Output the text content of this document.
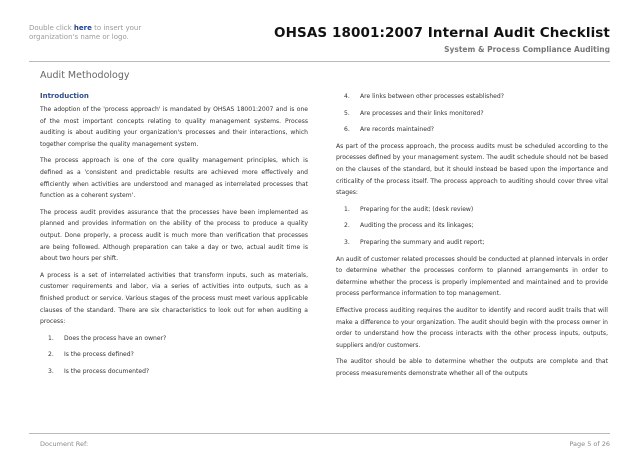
Double click here to insert your organization's name or logo.	OHSAS 18001:2007 Internal Audit Checklist
System & Process Compliance Auditing
Audit Methodology
Introduction

The adoption of the 'process approach' is mandated by OHSAS 18001:2007 and is one of the most important concepts relating to quality management systems. Process auditing is about auditing your organization's processes and their interactions, which together comprise the quality management system.

The process approach is one of the core quality management principles, which is defined as a 'consistent and predictable results are achieved more effectively and efficiently when activities are understood and managed as interrelated processes that function as a coherent system'.

The process audit provides assurance that the processes have been implemented as planned and provides information on the ability of the process to produce a quality output. Done properly, a process audit is much more than verification that processes are being followed. Although preparation can take a day or two, actual audit time is about two hours per shift.

A process is a set of interrelated activities that transform inputs, such as materials, customer requirements and labor, via a series of activities into outputs, such as a finished product or service. Various stages of the process must meet various applicable clauses of the standard. There are six characteristics to look out for when auditing a process:

1.	Does the process have an owner?
2.	Is the process defined?
3.	Is the process documented?
4.	Are links between other processes established?
5.	Are processes and their links monitored?
6.	Are records maintained?

As part of the process approach, the process audits must be scheduled according to the processes defined by your management system. The audit schedule should not be based on the clauses of the standard, but it should instead be based upon the importance and criticality of the process itself. The process approach to auditing should cover three vital stages:

1.	Preparing for the audit; (desk review)
2.	Auditing the process and its linkages;
3.	Preparing the summary and audit report;

An audit of customer related processes should be conducted at planned intervals in order to determine whether the processes conform to planned arrangements in order to determine whether the process is properly implemented and maintained and to provide process performance information to top management.

Effective process auditing requires the auditor to identify and record audit trails that will make a difference to your organization. The audit should begin with the process owner in order to understand how the process interacts with the other process inputs, outputs, suppliers and/or customers.

The auditor should be able to determine whether the outputs are complete and that process measurements demonstrate whether all of the outputs

Document Ref:	Page 5 of 26
